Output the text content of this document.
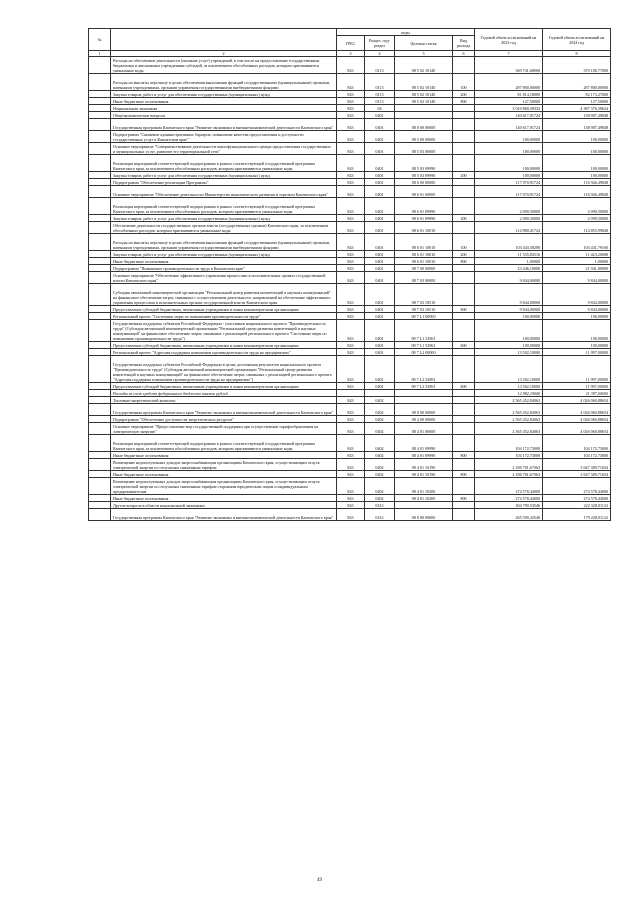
№		коды				Годовой объем ассигнований на 2023 год	Годовой объем ассигнований на 2024 год
		ГРБС	Раздел, под-раздел	Целевая статья	Вид расхода		
1	2	3	4	5	6	7	8
	Расходы на обеспечение деятельности (оказание услуг) учреждений, в том числе на предоставление государственным бюджетным и автономным учреждениям субсидий, за исключением обособленных расходов, которым присваиваются уникальные коды	843	0113	08 5 02 10140		369 741,68000	370 100,77000
	Расходы на выплаты персоналу в целях обеспечения выполнения функций государственными (муниципальными) органами, казенными учреждениями, органами управления государственными внебюджетными фондами	843	0113	08 5 02 10140	100	287 800,00000	287 800,00000
	Закупка товаров, работ и услуг для обеспечения государственных (муниципальных) нужд	843	0113	08 5 02 10140	200	81 814,18000	82 173,27000
	Иные бюджетные ассигнования	843	0113	08 5 02 10140	800	127,50000	127,50000
	Национальная экономика	843	04			3 010 860,39333	4 387 376,39624
	Общеэкономические вопросы	843	0401			140 617,01724	138 987,49848
	Государственная программа Камчатского края "Развитие экономики и внешнеэкономической деятельности Камчатского края"	843	0401	08 0 00 00000		140 617,01724	138 987,49848
	Подпрограмма "Снижение административных барьеров, повышение качества предоставления и доступности государственных услуг в Камчатском крае"	843	0401	08 5 00 00000		100,00000	100,00000
	Основное мероприятие "Совершенствование деятельности многофункционального центра предоставления государственных и муниципальных услуг, развитие его территориальной сети"	843	0401	08 5 03 00000		100,00000	100,00000
	Реализация мероприятий соответствующей подпрограммы в рамках соответствующей государственной программы Камчатского края, за исключением обособленных расходов, которым присваиваются уникальные коды	843	0401	08 5 03 09990		100,00000	100,00000
	Закупка товаров, работ и услуг для обеспечения государственных (муниципальных) нужд	843	0401	08 5 03 09990	200	100,00000	100,00000
	Подпрограмма "Обеспечение реализации Программы"	843	0401	08 6 00 00000		117 070,91724	116 946,49848
	Основное мероприятие "Обеспечение деятельности Министерства экономического развития и торговли Камчатского края"	843	0401	08 6 01 00000		117 070,91724	116 946,49848
	Реализация мероприятий соответствующей подпрограммы в рамках соответствующей государственной программы Камчатского края, за исключением обособленных расходов, которым присваиваются уникальные коды	843	0401	08 6 01 09990		2 090,50000	2 090,50000
	Закупка товаров, работ и услуг для обеспечения государственных (муниципальных) нужд	843	0401	08 6 01 09990	200	2 090,50000	2 090,50000
	Обеспечение деятельности государственных органов власти (государственных органов) Камчатского края, за исключением обособленных расходов, которым присваиваются уникальные коды	843	0401	08 6 01 10010		114 980,41724	114 855,99848
	Расходы на выплаты персоналу в целях обеспечения выполнения функций государственными (муниципальными) органами, казенными учреждениями, органами управления государственными внебюджетными фондами	843	0401	08 6 01 10010	100	103 443,58208	103 431,79160
	Закупка товаров, работ и услуг для обеспечения государственных (муниципальных) нужд	843	0401	08 6 01 10010	200	11 535,83516	11 423,20688
	Иные бюджетные ассигнования	843	0401	08 6 01 10010	800	1,00000	1,00000
	Подпрограмма "Повышение производительности труда в Камчатском крае"	843	0401	08 7 00 00000		23 446,10000	21 941,00000
	Основное мероприятие "Обеспечение эффективного управления процессами в исполнительных органах государственной власти Камчатского края"	843	0401	08 7 03 00000		9 844,00000	9 844,00000
	Субсидия автономной некоммерческой организации "Региональный центр развития компетенций и научных коммуникаций" на финансовое обеспечение затрат, связанных с осуществлением деятельности, направленной на обеспечение эффективного управления процессами в исполнительных органах государственной власти Камчатского края	843	0401	08 7 03 10510		9 844,00000	9 844,00000
	Предоставление субсидий бюджетным, автономным учреждениям и иным некоммерческим организациям	843	0401	08 7 03 10510	600	9 844,00000	9 844,00000
	Региональный проект "Системные меры по повышению производительности труда"	843	0401	08 7 L1 00000		100,00000	100,00000
	Государственная поддержка субъектов Российской Федерации - участников национального проекта "Производительность труда" (Субсидия автономной некоммерческой организации "Региональный центр развития компетенций и научных коммуникаций" на финансовое обеспечение затрат, связанных с реализацией регионального проекта "Системные меры по повышению производительности труда")	843	0401	08 7 L1 52961		100,00000	100,00000
	Предоставление субсидий бюджетным, автономным учреждениям и иным некоммерческим организациям	843	0401	08 7 L1 52961	600	100,00000	100,00000
	Региональный проект "Адресная поддержка повышения производительности труда на предприятиях"	843	0401	08 7 L2 00000		13 502,10000	11 997,00000
	Государственная поддержка субъектов Российской Федерации в целях достижения результатов национального проекта "Производительность труда" (Субсидия автономной некоммерческой организации "Региональный центр развития компетенций и научных коммуникаций" на финансовое обеспечение затрат, связанных с реализацией регионального проекта "Адресная поддержка повышения производительности труда на предприятиях")	843	0401	08 7 L2 52891		13 502,10000	11 997,00000
	Предоставление субсидий бюджетным, автономным учреждениям и иным некоммерческим организациям	843	0401	08 7 L2 52891	600	13 502,10000	11 997,00000
	Расходы за счет средств федерального бюджета тысячи рублей					12 982,10000	11 397,00000
	Топливно-энергетический комплекс	843	0402			2 565 452,84063	4 026 060,88654
	Государственная программа Камчатского края "Развитие экономики и внешнеэкономической деятельности Камчатского края"	843	0402	08 0 00 00000		2 565 452,84063	4 026 060,88654
	Подпрограмма "Обеспечение доступности энергетических ресурсов"	843	0402	08 4 00 00000		2 565 452,84063	4 026 060,88654
	Основное мероприятие "Предоставление мер государственной поддержки при осуществлении тарифообразования на электрическую энергию"	843	0402	08 4 01 00000		2 565 452,84063	4 026 060,88654
	Реализация мероприятий соответствующей подпрограммы в рамках соответствующей государственной программы Камчатского края, за исключением обособленных расходов, которым присваиваются уникальные коды	843	0402	08 4 01 09990		104 172,73000	104 172,73000
	Иные бюджетные ассигнования	843	0402	08 4 01 09990	800	104 172,73000	104 172,73000
	Возмещение недополученных доходов энергоснабжающим организациям Камчатского края, осуществляющим отпуск электрической энергии по отпускным сниженным тарифам	843	0402	08 4 01 10190		2 186 701,67063	3 647 309,71654
	Иные бюджетные ассигнования	843	0402	08 4 01 10190	800	2 186 701,67063	3 647 309,71654
	Возмещение недополученных доходов энергоснабжающим организациям Камчатского края, осуществляющим отпуск электрической энергии по отпускным сниженным тарифам сторонним юридическим лицам и индивидуальным предпринимателям	843	0402	08 4 01 10200		274 578,44000	274 578,44000
	Иные бюджетные ассигнования	843	0402	08 4 01 10200	800	274 578,44000	274 578,44000
	Другие вопросы в области национальной экономики	843	0412			304 790,53546	222 328,01122
	Государственная программа Камчатского края "Развитие экономики и внешнеэкономической деятельности Камчатского края"	843	0412	08 0 00 00000		265 590,43546	179 228,01122
49
